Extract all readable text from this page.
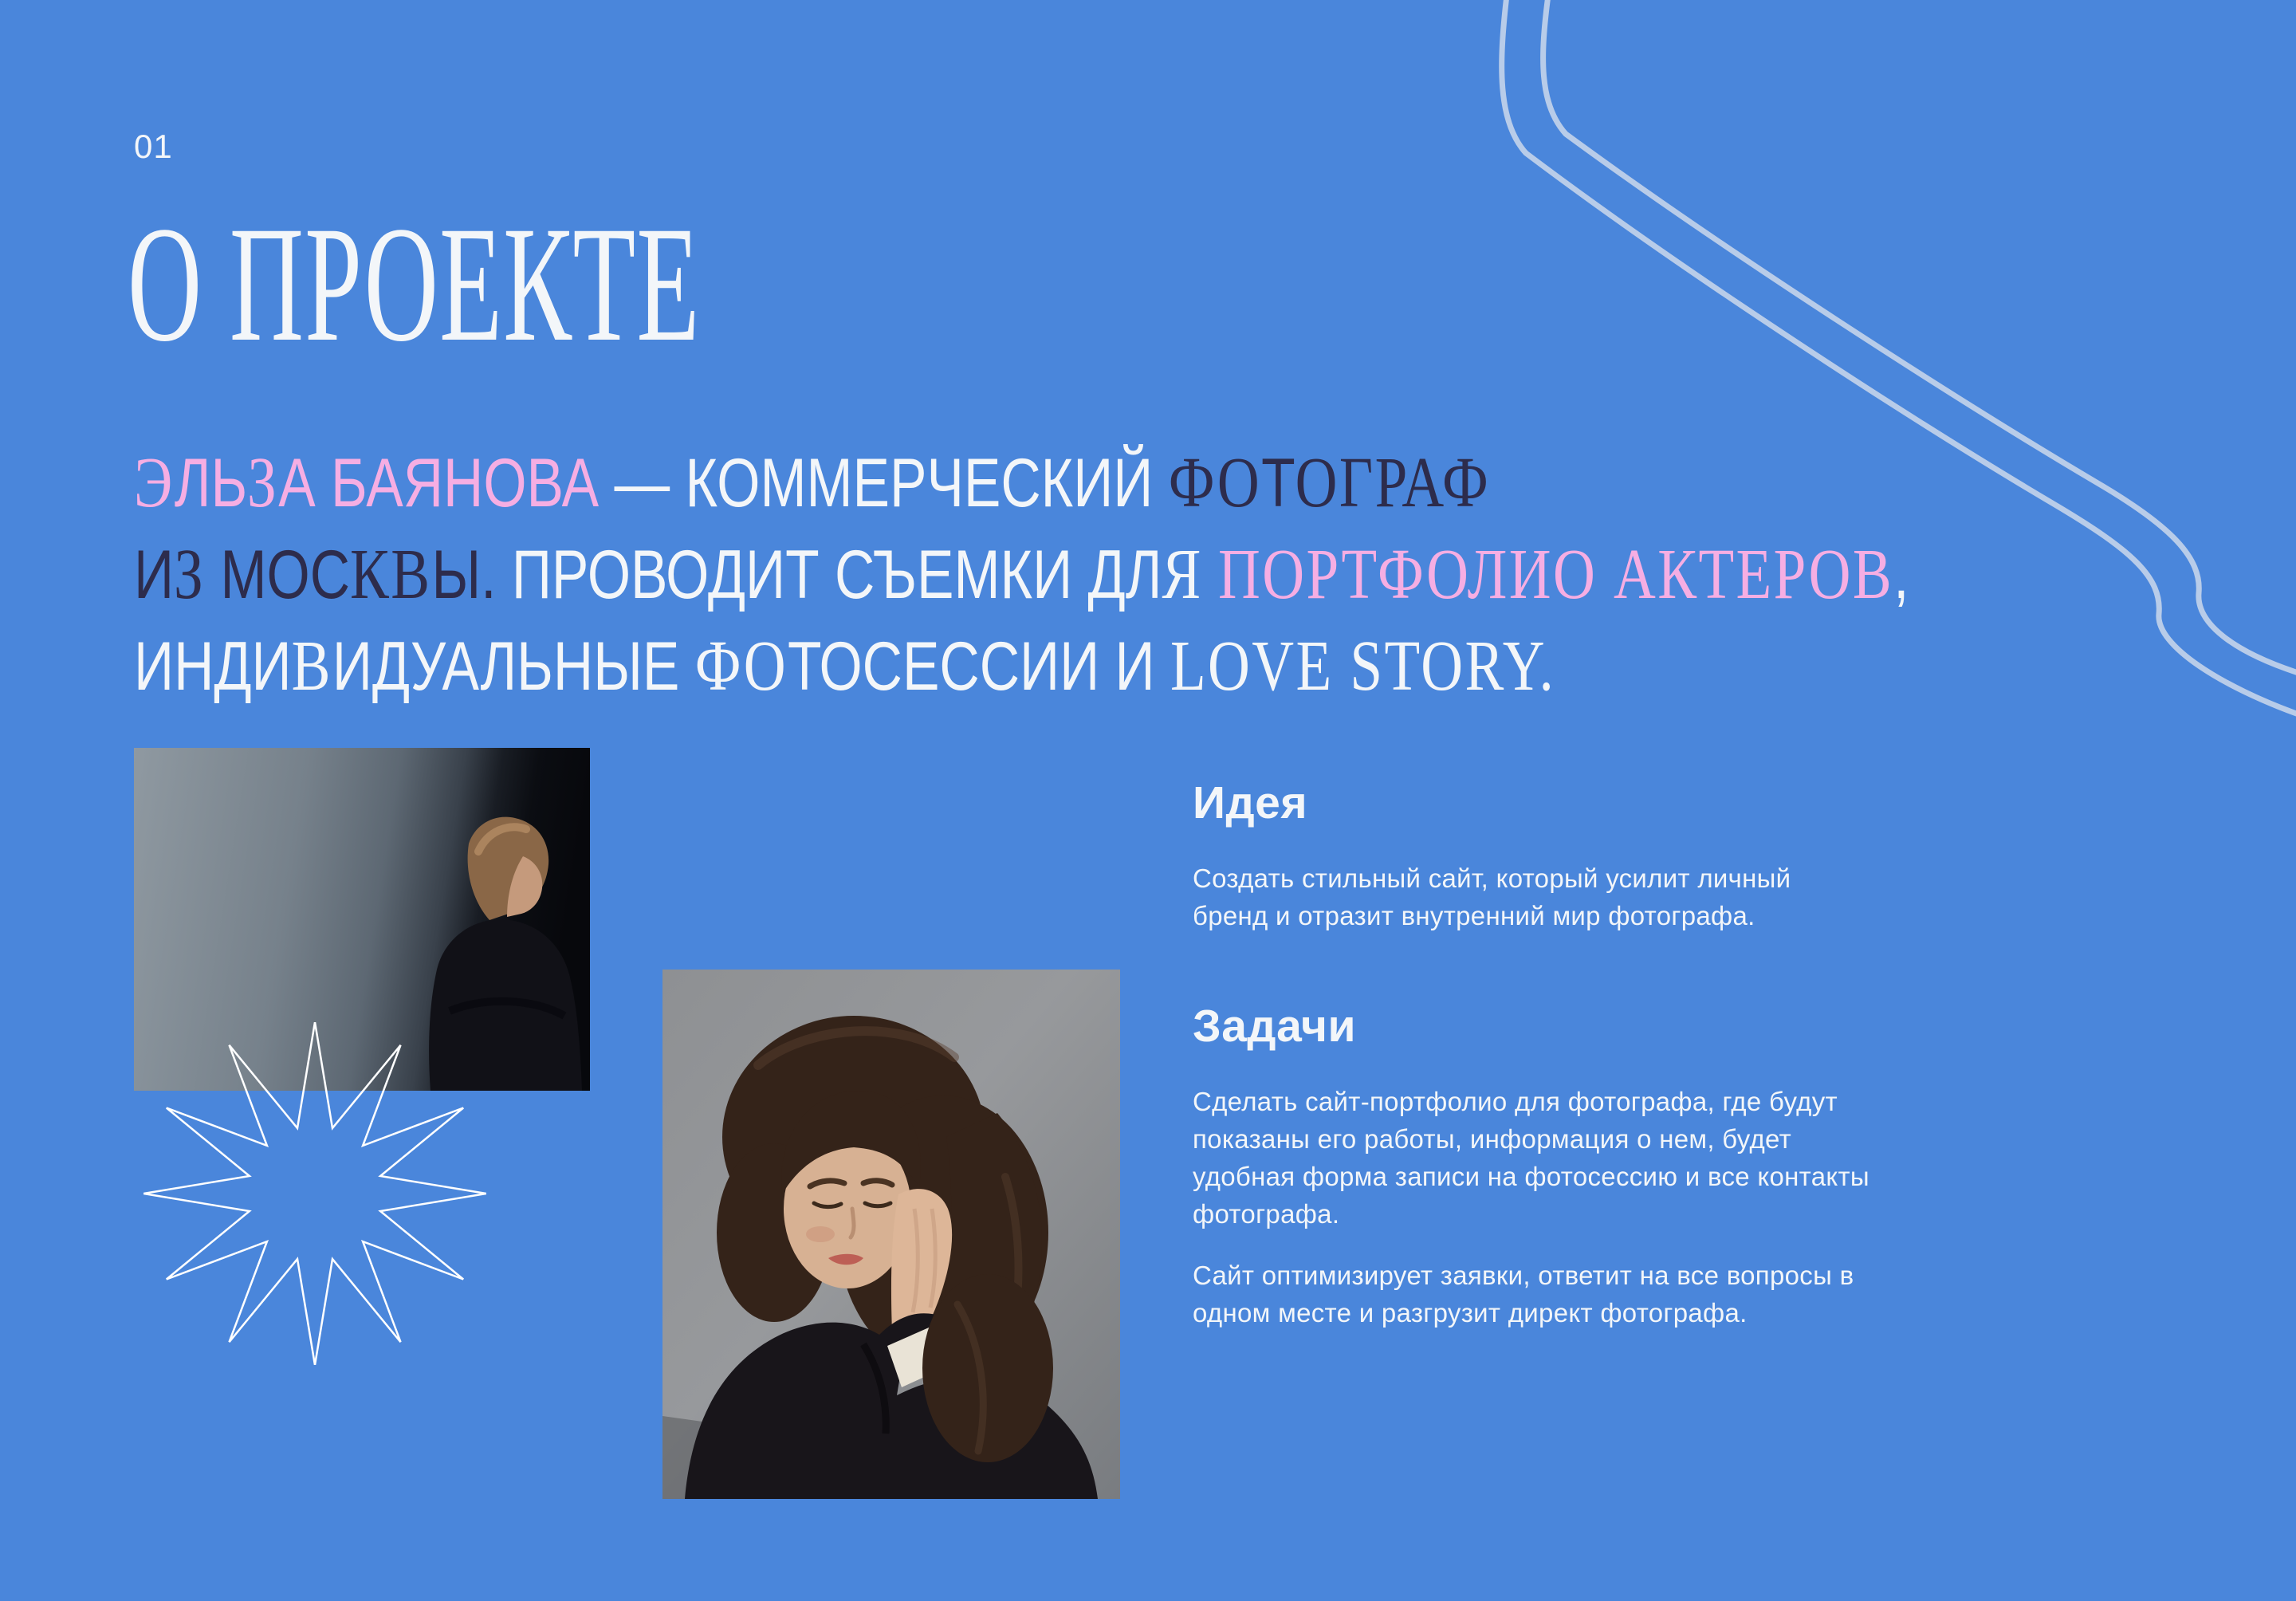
01
О ПРОЕКТЕ
ЭЛЬЗА БАЯНОВА — КОММЕРЧЕСКИЙ ФОТОГРАФ
ИЗ МОСКВЫ. ПРОВОДИТ СЪЕМКИ ДЛЯ ПОРТФОЛИО АКТЕРОВ,
ИНДИВИДУАЛЬНЫЕ ФОТОСЕССИИ И LOVE STORY.
Идея

Создать стильный сайт, который усилит личный бренд и отразит внутренний мир фотографа.

Задачи

Сделать сайт-портфолио для фотографа, где будут показаны его работы, информация о нем, будет удобная форма записи на фотосессию и все контакты фотографа.

Сайт оптимизирует заявки, ответит на все вопросы в одном месте и разгрузит директ фотографа.
